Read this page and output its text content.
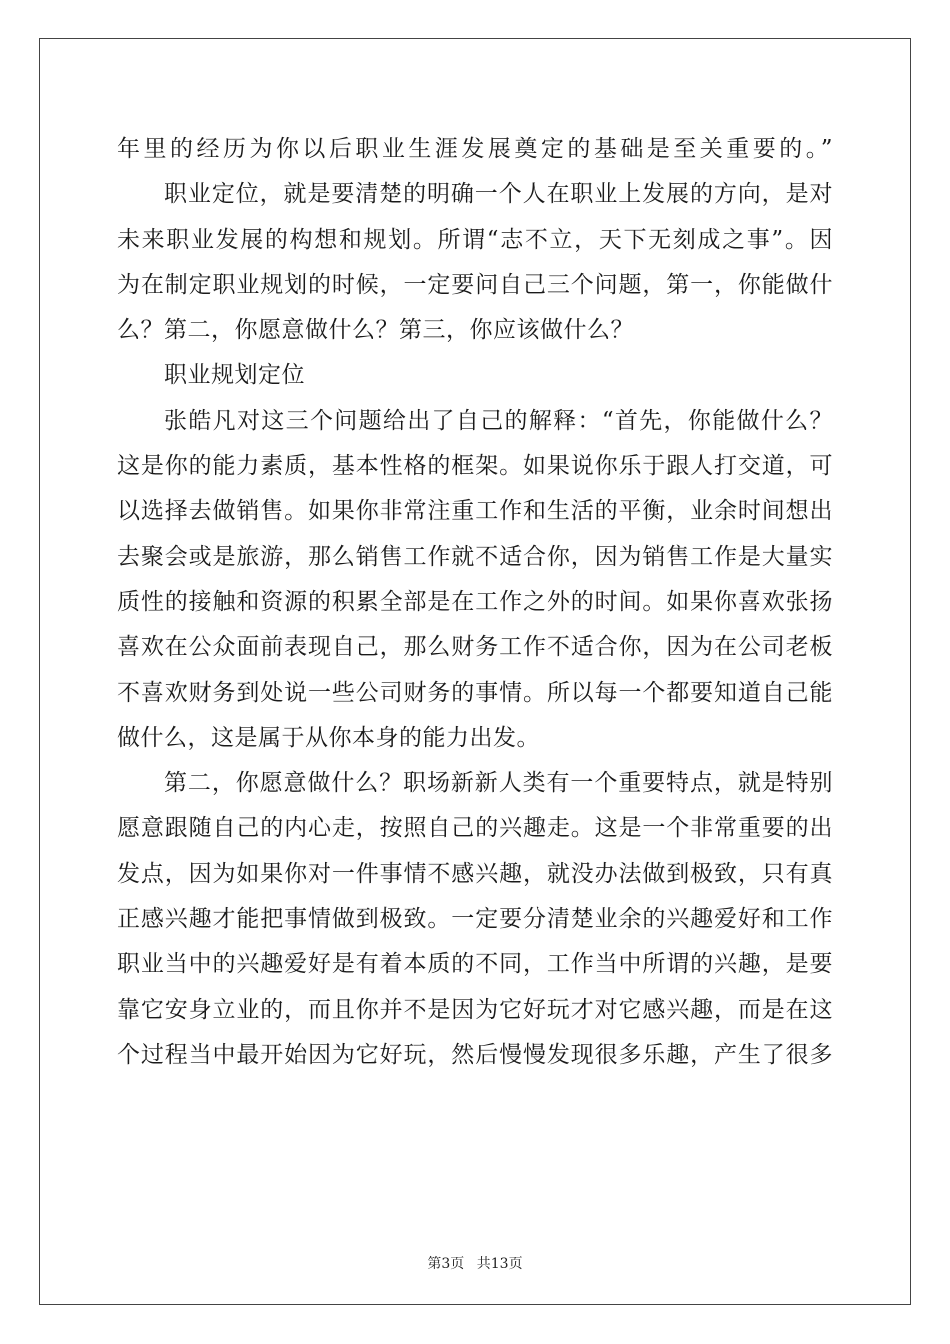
年里的经历为你以后职业生涯发展奠定的基础是至关重要的。”
职业定位，就是要清楚的明确一个人在职业上发展的方向，是对
未来职业发展的构想和规划。所谓“志不立，天下无刻成之事”。因
为在制定职业规划的时候，一定要问自己三个问题，第一，你能做什
么？第二，你愿意做什么？第三，你应该做什么？
职业规划定位
张皓凡对这三个问题给出了自己的解释：“首先，你能做什么？
这是你的能力素质，基本性格的框架。如果说你乐于跟人打交道，可
以选择去做销售。如果你非常注重工作和生活的平衡，业余时间想出
去聚会或是旅游，那么销售工作就不适合你，因为销售工作是大量实
质性的接触和资源的积累全部是在工作之外的时间。如果你喜欢张扬
喜欢在公众面前表现自己，那么财务工作不适合你，因为在公司老板
不喜欢财务到处说一些公司财务的事情。所以每一个都要知道自己能
做什么，这是属于从你本身的能力出发。
第二，你愿意做什么？职场新新人类有一个重要特点，就是特别
愿意跟随自己的内心走，按照自己的兴趣走。这是一个非常重要的出
发点，因为如果你对一件事情不感兴趣，就没办法做到极致，只有真
正感兴趣才能把事情做到极致。一定要分清楚业余的兴趣爱好和工作
职业当中的兴趣爱好是有着本质的不同，工作当中所谓的兴趣，是要
靠它安身立业的，而且你并不是因为它好玩才对它感兴趣，而是在这
个过程当中最开始因为它好玩，然后慢慢发现很多乐趣，产生了很多
第3页 共13页
